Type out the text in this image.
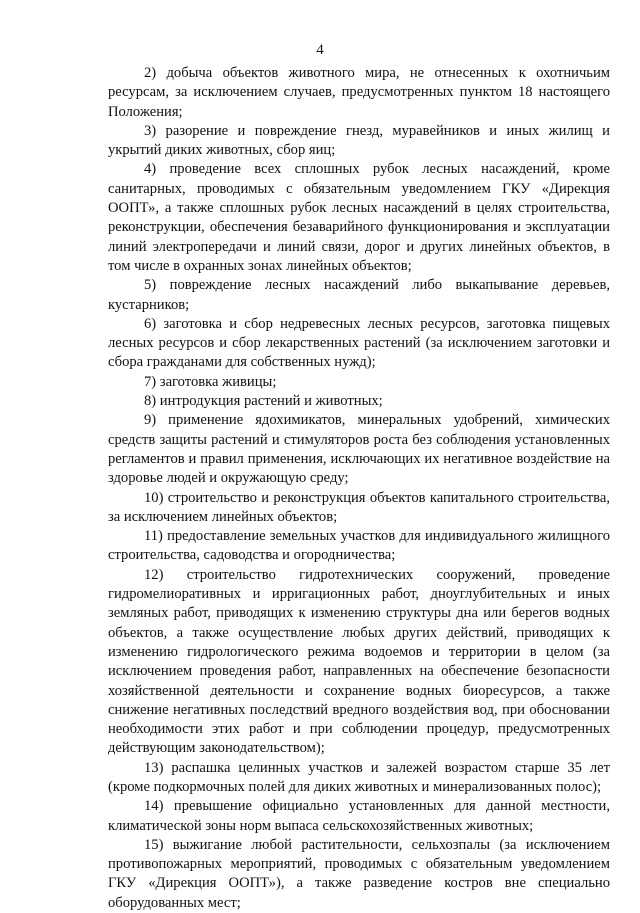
4

2) добыча объектов животного мира, не отнесенных к охотничьим ресурсам, за исключением случаев, предусмотренных пунктом 18 настоящего Положения;

3) разорение и повреждение гнезд, муравейников и иных жилищ и укрытий диких животных, сбор яиц;

4) проведение всех сплошных рубок лесных насаждений, кроме санитарных, проводимых с обязательным уведомлением ГКУ «Дирекция ООПТ», а также сплошных рубок лесных насаждений в целях строительства, реконструкции, обеспечения безаварийного функционирования и эксплуатации линий электропередачи и линий связи, дорог и других линейных объектов, в том числе в охранных зонах линейных объектов;

5) повреждение лесных насаждений либо выкапывание деревьев, кустарников;

6) заготовка и сбор недревесных лесных ресурсов, заготовка пищевых лесных ресурсов и сбор лекарственных растений (за исключением заготовки и сбора гражданами для собственных нужд);

7) заготовка живицы;

8) интродукция растений и животных;

9) применение ядохимикатов, минеральных удобрений, химических средств защиты растений и стимуляторов роста без соблюдения установленных регламентов и правил применения, исключающих их негативное воздействие на здоровье людей и окружающую среду;

10) строительство и реконструкция объектов капитального строительства, за исключением линейных объектов;

11) предоставление земельных участков для индивидуального жилищного строительства, садоводства и огородничества;

12) строительство гидротехнических сооружений, проведение гидромелиоративных и ирригационных работ, дноуглубительных и иных земляных работ, приводящих к изменению структуры дна или берегов водных объектов, а также осуществление любых других действий, приводящих к изменению гидрологического режима водоемов и территории в целом (за исключением проведения работ, направленных на обеспечение безопасности хозяйственной деятельности и сохранение водных биоресурсов, а также снижение негативных последствий вредного воздействия вод, при обосновании необходимости этих работ и при соблюдении процедур, предусмотренных действующим законодательством);

13) распашка целинных участков и залежей возрастом старше 35 лет (кроме подкормочных полей для диких животных и минерализованных полос);

14) превышение официально установленных для данной местности, климатической зоны норм выпаса сельскохозяйственных животных;

15) выжигание любой растительности, сельхозпалы (за исключением противопожарных мероприятий, проводимых с обязательным уведомлением ГКУ «Дирекция ООПТ»), а также разведение костров вне специально оборудованных мест;
